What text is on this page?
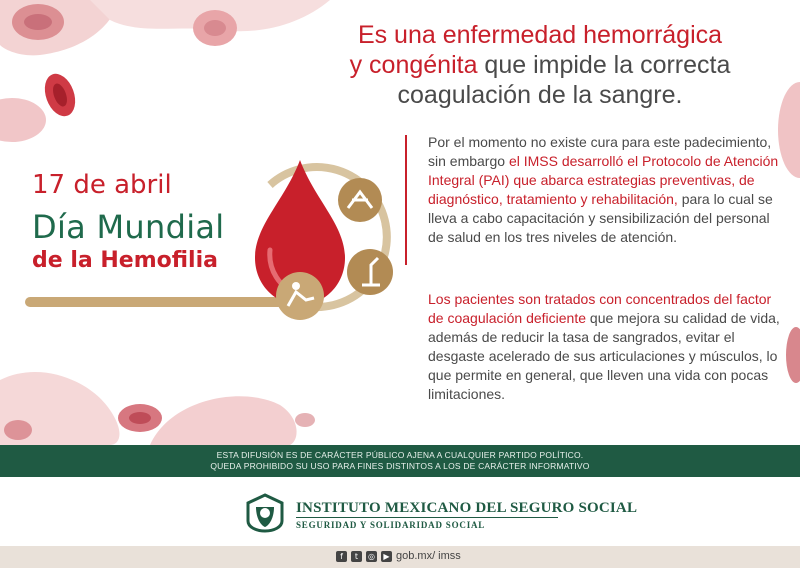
Es una enfermedad hemorrágica
y congénita que impide la correcta
coagulación de la sangre.
17 de abril
Día Mundial
de la Hemofilia

Por el momento no existe cura para este padecimiento, sin embargo el IMSS desarrolló el Protocolo de Atención Integral (PAI) que abarca estrategias preventivas, de diagnóstico, tratamiento y rehabilitación, para lo cual se lleva a cabo capacitación y sensibilización del personal de salud en los tres niveles de atención.

Los pacientes son tratados con concentrados del factor de coagulación deficiente que mejora su calidad de vida, además de reducir la tasa de sangrados, evitar el desgaste acelerado de sus articulaciones y músculos, lo que permite en general, que lleven una vida con pocas limitaciones.

ESTA DIFUSIÓN ES DE CARÁCTER PÚBLICO AJENA A CUALQUIER PARTIDO POLÍTICO.
QUEDA PROHIBIDO SU USO PARA FINES DISTINTOS A LOS DE CARÁCTER INFORMATIVO
INSTITUTO MEXICANO DEL SEGURO SOCIAL
SEGURIDAD Y SOLIDARIDAD SOCIAL
f	t	◎	▶ gob.mx/ imss
